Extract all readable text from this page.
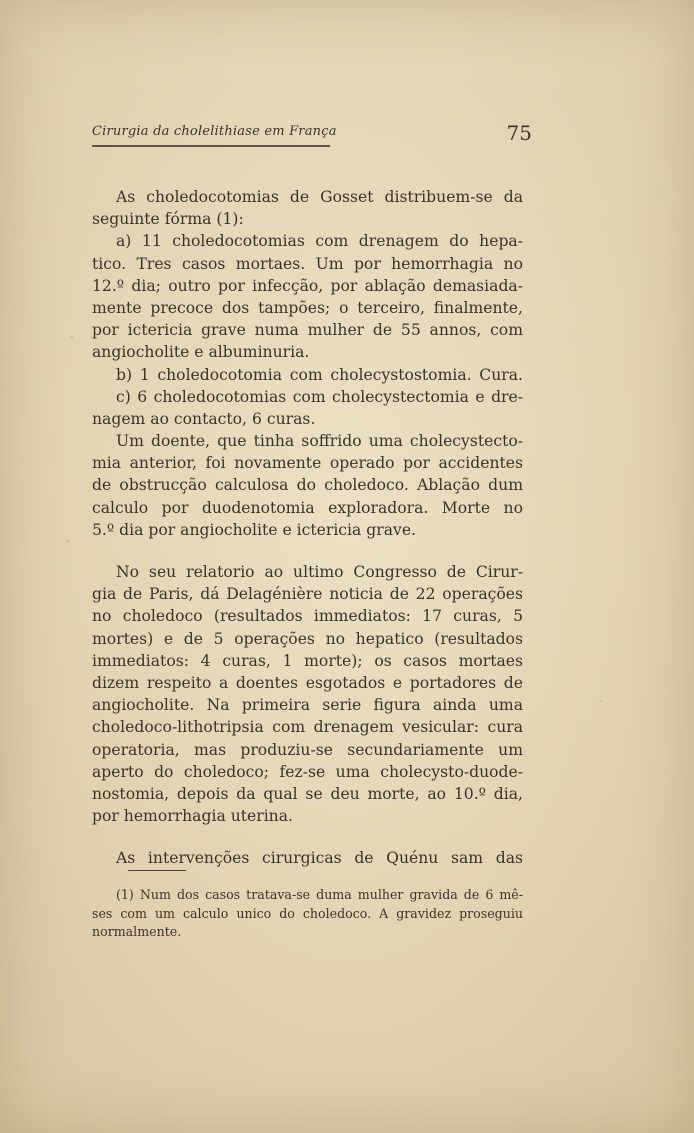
Cirurgia da cholelithiase em França	75
As choledocotomias de Gosset distribuem-se da
seguinte fórma (1):
a) 11 choledocotomias com drenagem do hepa-
tico. Tres casos mortaes. Um por hemorrhagia no
12.º dia; outro por infecção, por ablação demasiada-
mente precoce dos tampões; o terceiro, finalmente,
por ictericia grave numa mulher de 55 annos, com
angiocholite e albuminuria.
b) 1 choledocotomia com cholecystostomia. Cura.
c) 6 choledocotomias com cholecystectomia e dre-
nagem ao contacto, 6 curas.
Um doente, que tinha soffrido uma cholecystecto-
mia anterior, foi novamente operado por accidentes
de obstrucção calculosa do choledoco. Ablação dum
calculo por duodenotomia exploradora. Morte no
5.º dia por angiocholite e ictericia grave.
No seu relatorio ao ultimo Congresso de Cirur-
gia de Paris, dá Delagénière noticia de 22 operações
no choledoco (resultados immediatos: 17 curas, 5
mortes) e de 5 operações no hepatico (resultados
immediatos: 4 curas, 1 morte); os casos mortaes
dizem respeito a doentes esgotados e portadores de
angiocholite. Na primeira serie figura ainda uma
choledoco-lithotripsia com drenagem vesicular: cura
operatoria, mas produziu-se secundariamente um
aperto do choledoco; fez-se uma cholecysto-duode-
nostomia, depois da qual se deu morte, ao 10.º dia,
por hemorrhagia uterina.
As intervenções cirurgicas de Quénu sam das
(1) Num dos casos tratava-se duma mulher gravida de 6 mê-
ses com um calculo unico do choledoco. A gravidez proseguiu
normalmente.
